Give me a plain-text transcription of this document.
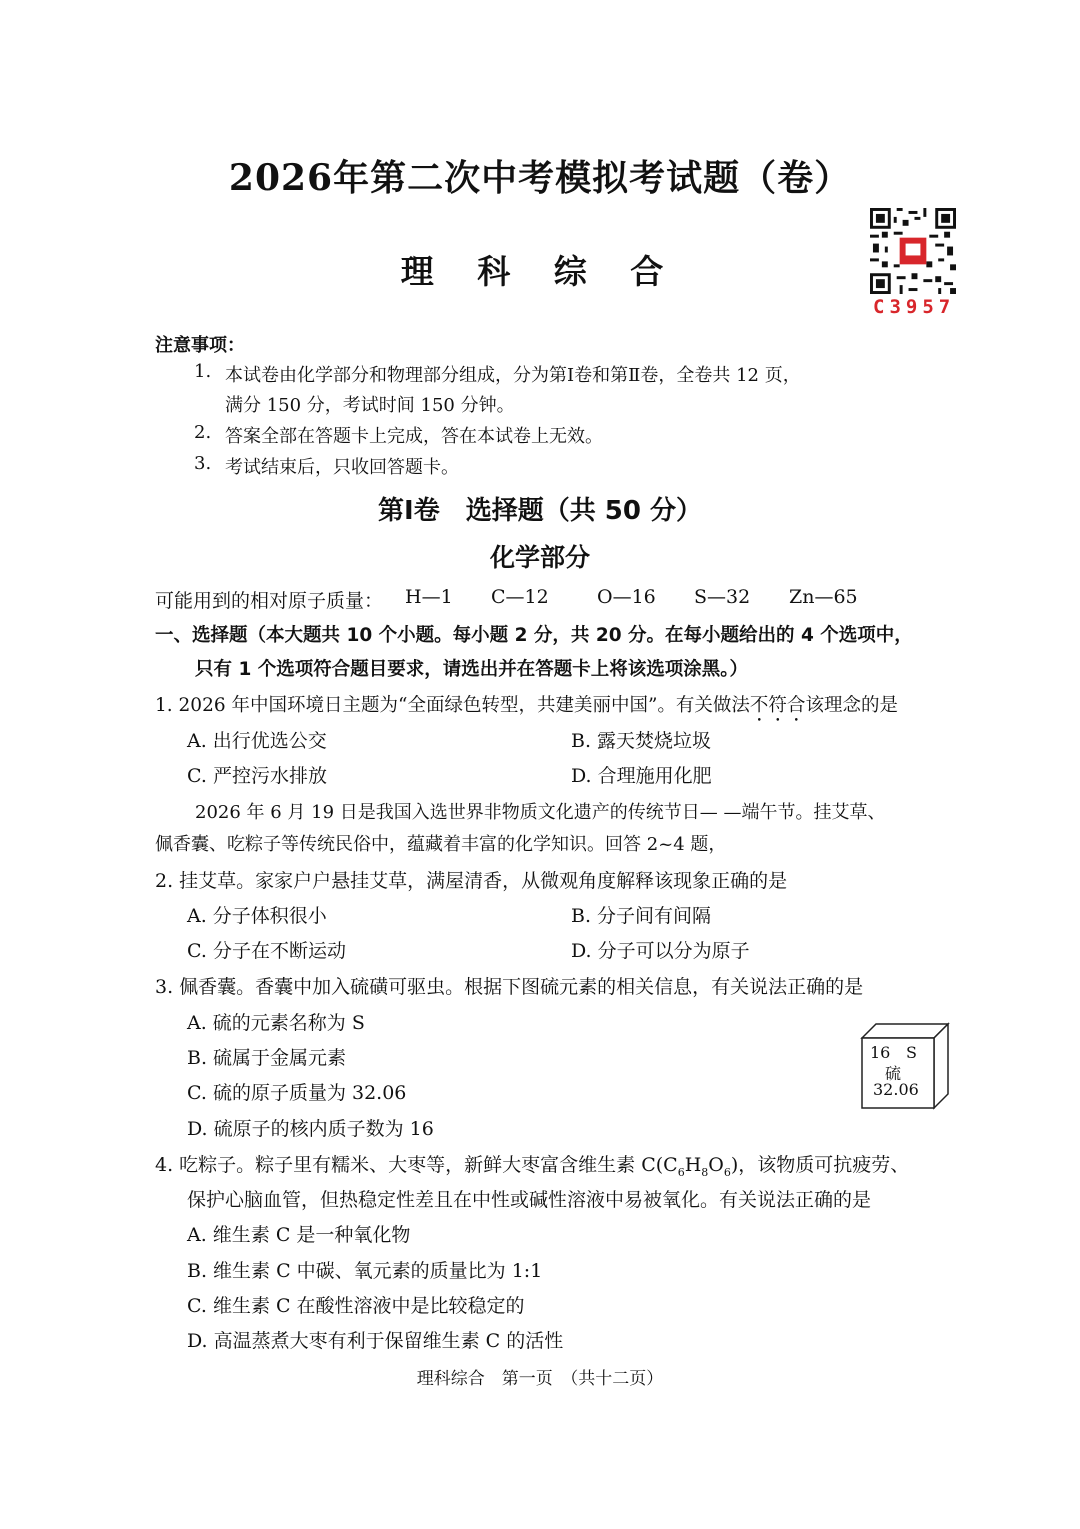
2026年第二次中考模拟考试题（卷）
理 科 综 合
C3957
注意事项：
1. 本试卷由化学部分和物理部分组成，分为第Ⅰ卷和第Ⅱ卷，全卷共 12 页，
满分 150 分，考试时间 150 分钟。
2. 答案全部在答题卡上完成，答在本试卷上无效。
3. 考试结束后，只收回答题卡。
第Ⅰ卷　选择题（共 50 分）
化学部分
可能用到的相对原子质量： H—1 C—12	O—16 S—32 Zn—65
一、选择题（本大题共 10 个小题。每小题 2 分，共 20 分。在每小题给出的 4 个选项中，
只有 1 个选项符合题目要求，请选出并在答题卡上将该选项涂黑。）
1. 2026 年中国环境日主题为“全面绿色转型，共建美丽中国”。有关做法不符合该理念的是
A. 出行优选公交	B. 露天焚烧垃圾
C. 严控污水排放	D. 合理施用化肥
2026 年 6 月 19 日是我国入选世界非物质文化遗产的传统节日— —端午节。挂艾草、
佩香囊、吃粽子等传统民俗中，蕴藏着丰富的化学知识。回答 2~4 题，
2. 挂艾草。家家户户悬挂艾草，满屋清香，从微观角度解释该现象正确的是
A. 分子体积很小	B. 分子间有间隔
C. 分子在不断运动	D. 分子可以分为原子
3. 佩香囊。香囊中加入硫磺可驱虫。根据下图硫元素的相关信息，有关说法正确的是
A. 硫的元素名称为 S
B. 硫属于金属元素
C. 硫的原子质量为 32.06
D. 硫原子的核内质子数为 16
16 S
硫
32.06
4. 吃粽子。粽子里有糯米、大枣等，新鲜大枣富含维生素 $C(C_6H_8O_6)$，该物质可抗疲劳、
保护心脑血管，但热稳定性差且在中性或碱性溶液中易被氧化。有关说法正确的是
A. 维生素 C 是一种氧化物
B. 维生素 C 中碳、氧元素的质量比为 1:1
C. 维生素 C 在酸性溶液中是比较稳定的
D. 高温蒸煮大枣有利于保留维生素 C 的活性
理科综合　第一页　（共十二页）
